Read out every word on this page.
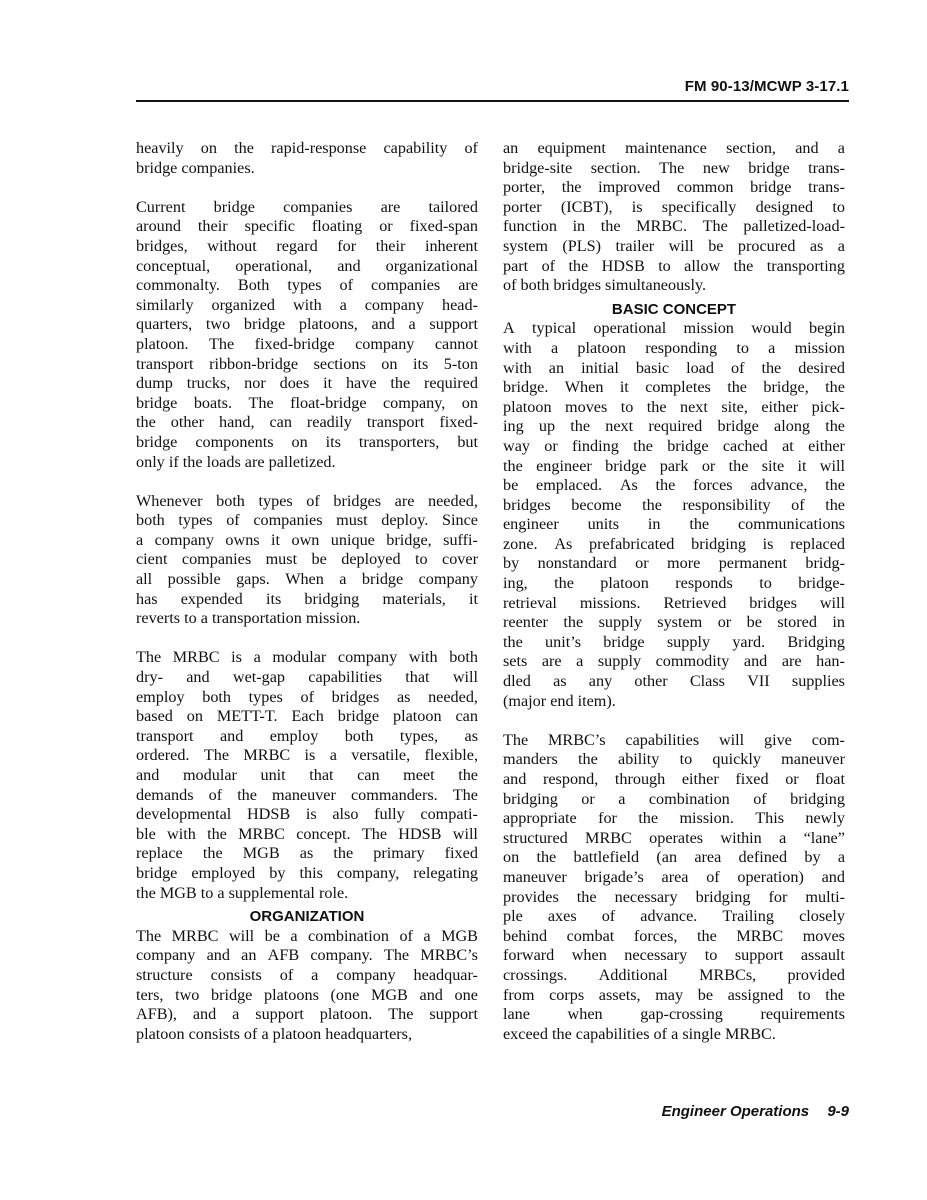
FM 90-13/MCWP 3-17.1
heavily on the rapid-response capability of
bridge companies.
Current bridge companies are tailored
around their specific floating or fixed-span
bridges, without regard for their inherent
conceptual, operational, and organizational
commonalty. Both types of companies are
similarly organized with a company head-
quarters, two bridge platoons, and a support
platoon. The fixed-bridge company cannot
transport ribbon-bridge sections on its 5-ton
dump trucks, nor does it have the required
bridge boats. The float-bridge company, on
the other hand, can readily transport fixed-
bridge components on its transporters, but
only if the loads are palletized.
Whenever both types of bridges are needed,
both types of companies must deploy. Since
a company owns it own unique bridge, suffi-
cient companies must be deployed to cover
all possible gaps. When a bridge company
has expended its bridging materials, it
reverts to a transportation mission.
The MRBC is a modular company with both
dry- and wet-gap capabilities that will
employ both types of bridges as needed,
based on METT-T. Each bridge platoon can
transport and employ both types, as
ordered. The MRBC is a versatile, flexible,
and modular unit that can meet the
demands of the maneuver commanders. The
developmental HDSB is also fully compati-
ble with the MRBC concept. The HDSB will
replace the MGB as the primary fixed
bridge employed by this company, relegating
the MGB to a supplemental role.
ORGANIZATION
The MRBC will be a combination of a MGB
company and an AFB company. The MRBC’s
structure consists of a company headquar-
ters, two bridge platoons (one MGB and one
AFB), and a support platoon. The support
platoon consists of a platoon headquarters,
an equipment maintenance section, and a
bridge-site section. The new bridge trans-
porter, the improved common bridge trans-
porter (ICBT), is specifically designed to
function in the MRBC. The palletized-load-
system (PLS) trailer will be procured as a
part of the HDSB to allow the transporting
of both bridges simultaneously.
BASIC CONCEPT
A typical operational mission would begin
with a platoon responding to a mission
with an initial basic load of the desired
bridge. When it completes the bridge, the
platoon moves to the next site, either pick-
ing up the next required bridge along the
way or finding the bridge cached at either
the engineer bridge park or the site it will
be emplaced. As the forces advance, the
bridges become the responsibility of the
engineer units in the communications
zone. As prefabricated bridging is replaced
by nonstandard or more permanent bridg-
ing, the platoon responds to bridge-
retrieval missions. Retrieved bridges will
reenter the supply system or be stored in
the unit’s bridge supply yard. Bridging
sets are a supply commodity and are han-
dled as any other Class VII supplies
(major end item).
The MRBC’s capabilities will give com-
manders the ability to quickly maneuver
and respond, through either fixed or float
bridging or a combination of bridging
appropriate for the mission. This newly
structured MRBC operates within a “lane”
on the battlefield (an area defined by a
maneuver brigade’s area of operation) and
provides the necessary bridging for multi-
ple axes of advance. Trailing closely
behind combat forces, the MRBC moves
forward when necessary to support assault
crossings. Additional MRBCs, provided
from corps assets, may be assigned to the
lane when gap-crossing requirements
exceed the capabilities of a single MRBC.
Engineer Operations 9-9
